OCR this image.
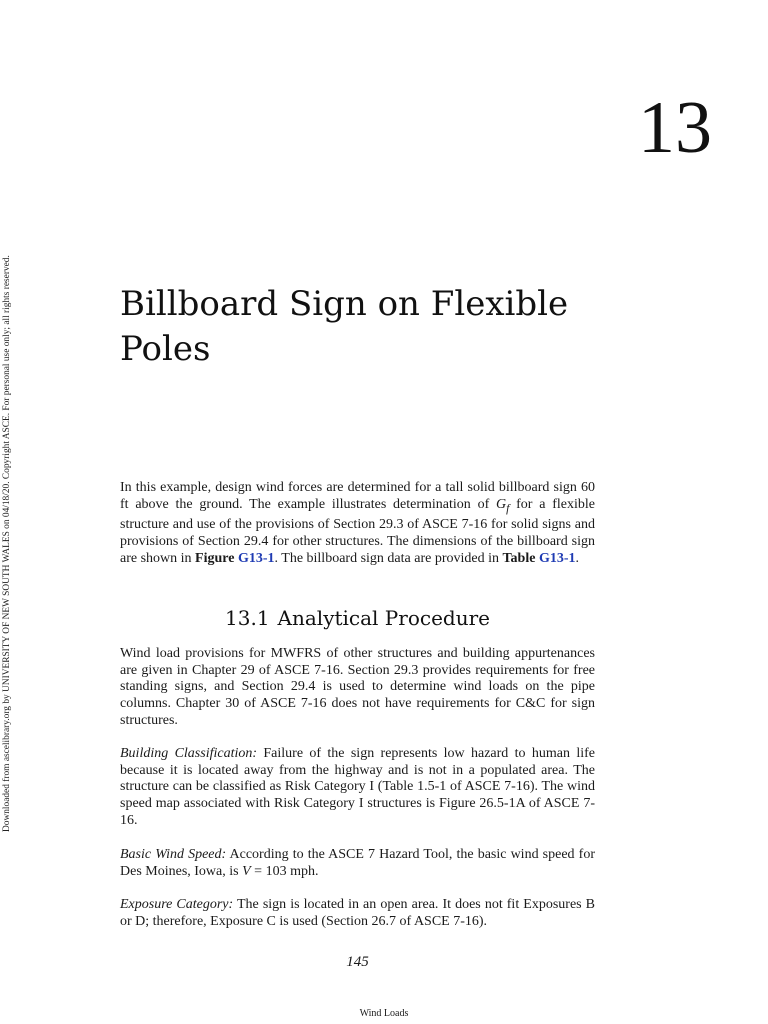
Downloaded from ascelibrary.org by UNIVERSITY OF NEW SOUTH WALES on 04/18/20. Copyright ASCE. For personal use only; all rights reserved.
13
Billboard Sign on Flexible
Poles

In this example, design wind forces are determined for a tall solid billboard sign 60 ft above the ground. The example illustrates determination of $G_f$ for a flexible structure and use of the provisions of Section 29.3 of ASCE 7-16 for solid signs and provisions of Section 29.4 for other structures. The dimensions of the billboard sign are shown in Figure G13-1. The billboard sign data are provided in Table G13-1.

13.1 Analytical Procedure

Wind load provisions for MWFRS of other structures and building appurtenances are given in Chapter 29 of ASCE 7-16. Section 29.3 provides requirements for free standing signs, and Section 29.4 is used to determine wind loads on the pipe columns. Chapter 30 of ASCE 7-16 does not have requirements for C&C for sign structures.

Building Classification: Failure of the sign represents low hazard to human life because it is located away from the highway and is not in a populated area. The structure can be classified as Risk Category I (Table 1.5-1 of ASCE 7-16). The wind speed map associated with Risk Category I structures is Figure 26.5-1A of ASCE 7-16.

Basic Wind Speed: According to the ASCE 7 Hazard Tool, the basic wind speed for Des Moines, Iowa, is V = 103 mph.

Exposure Category: The sign is located in an open area. It does not fit Exposures B or D; therefore, Exposure C is used (Section 26.7 of ASCE 7-16).

145
Wind Loads
